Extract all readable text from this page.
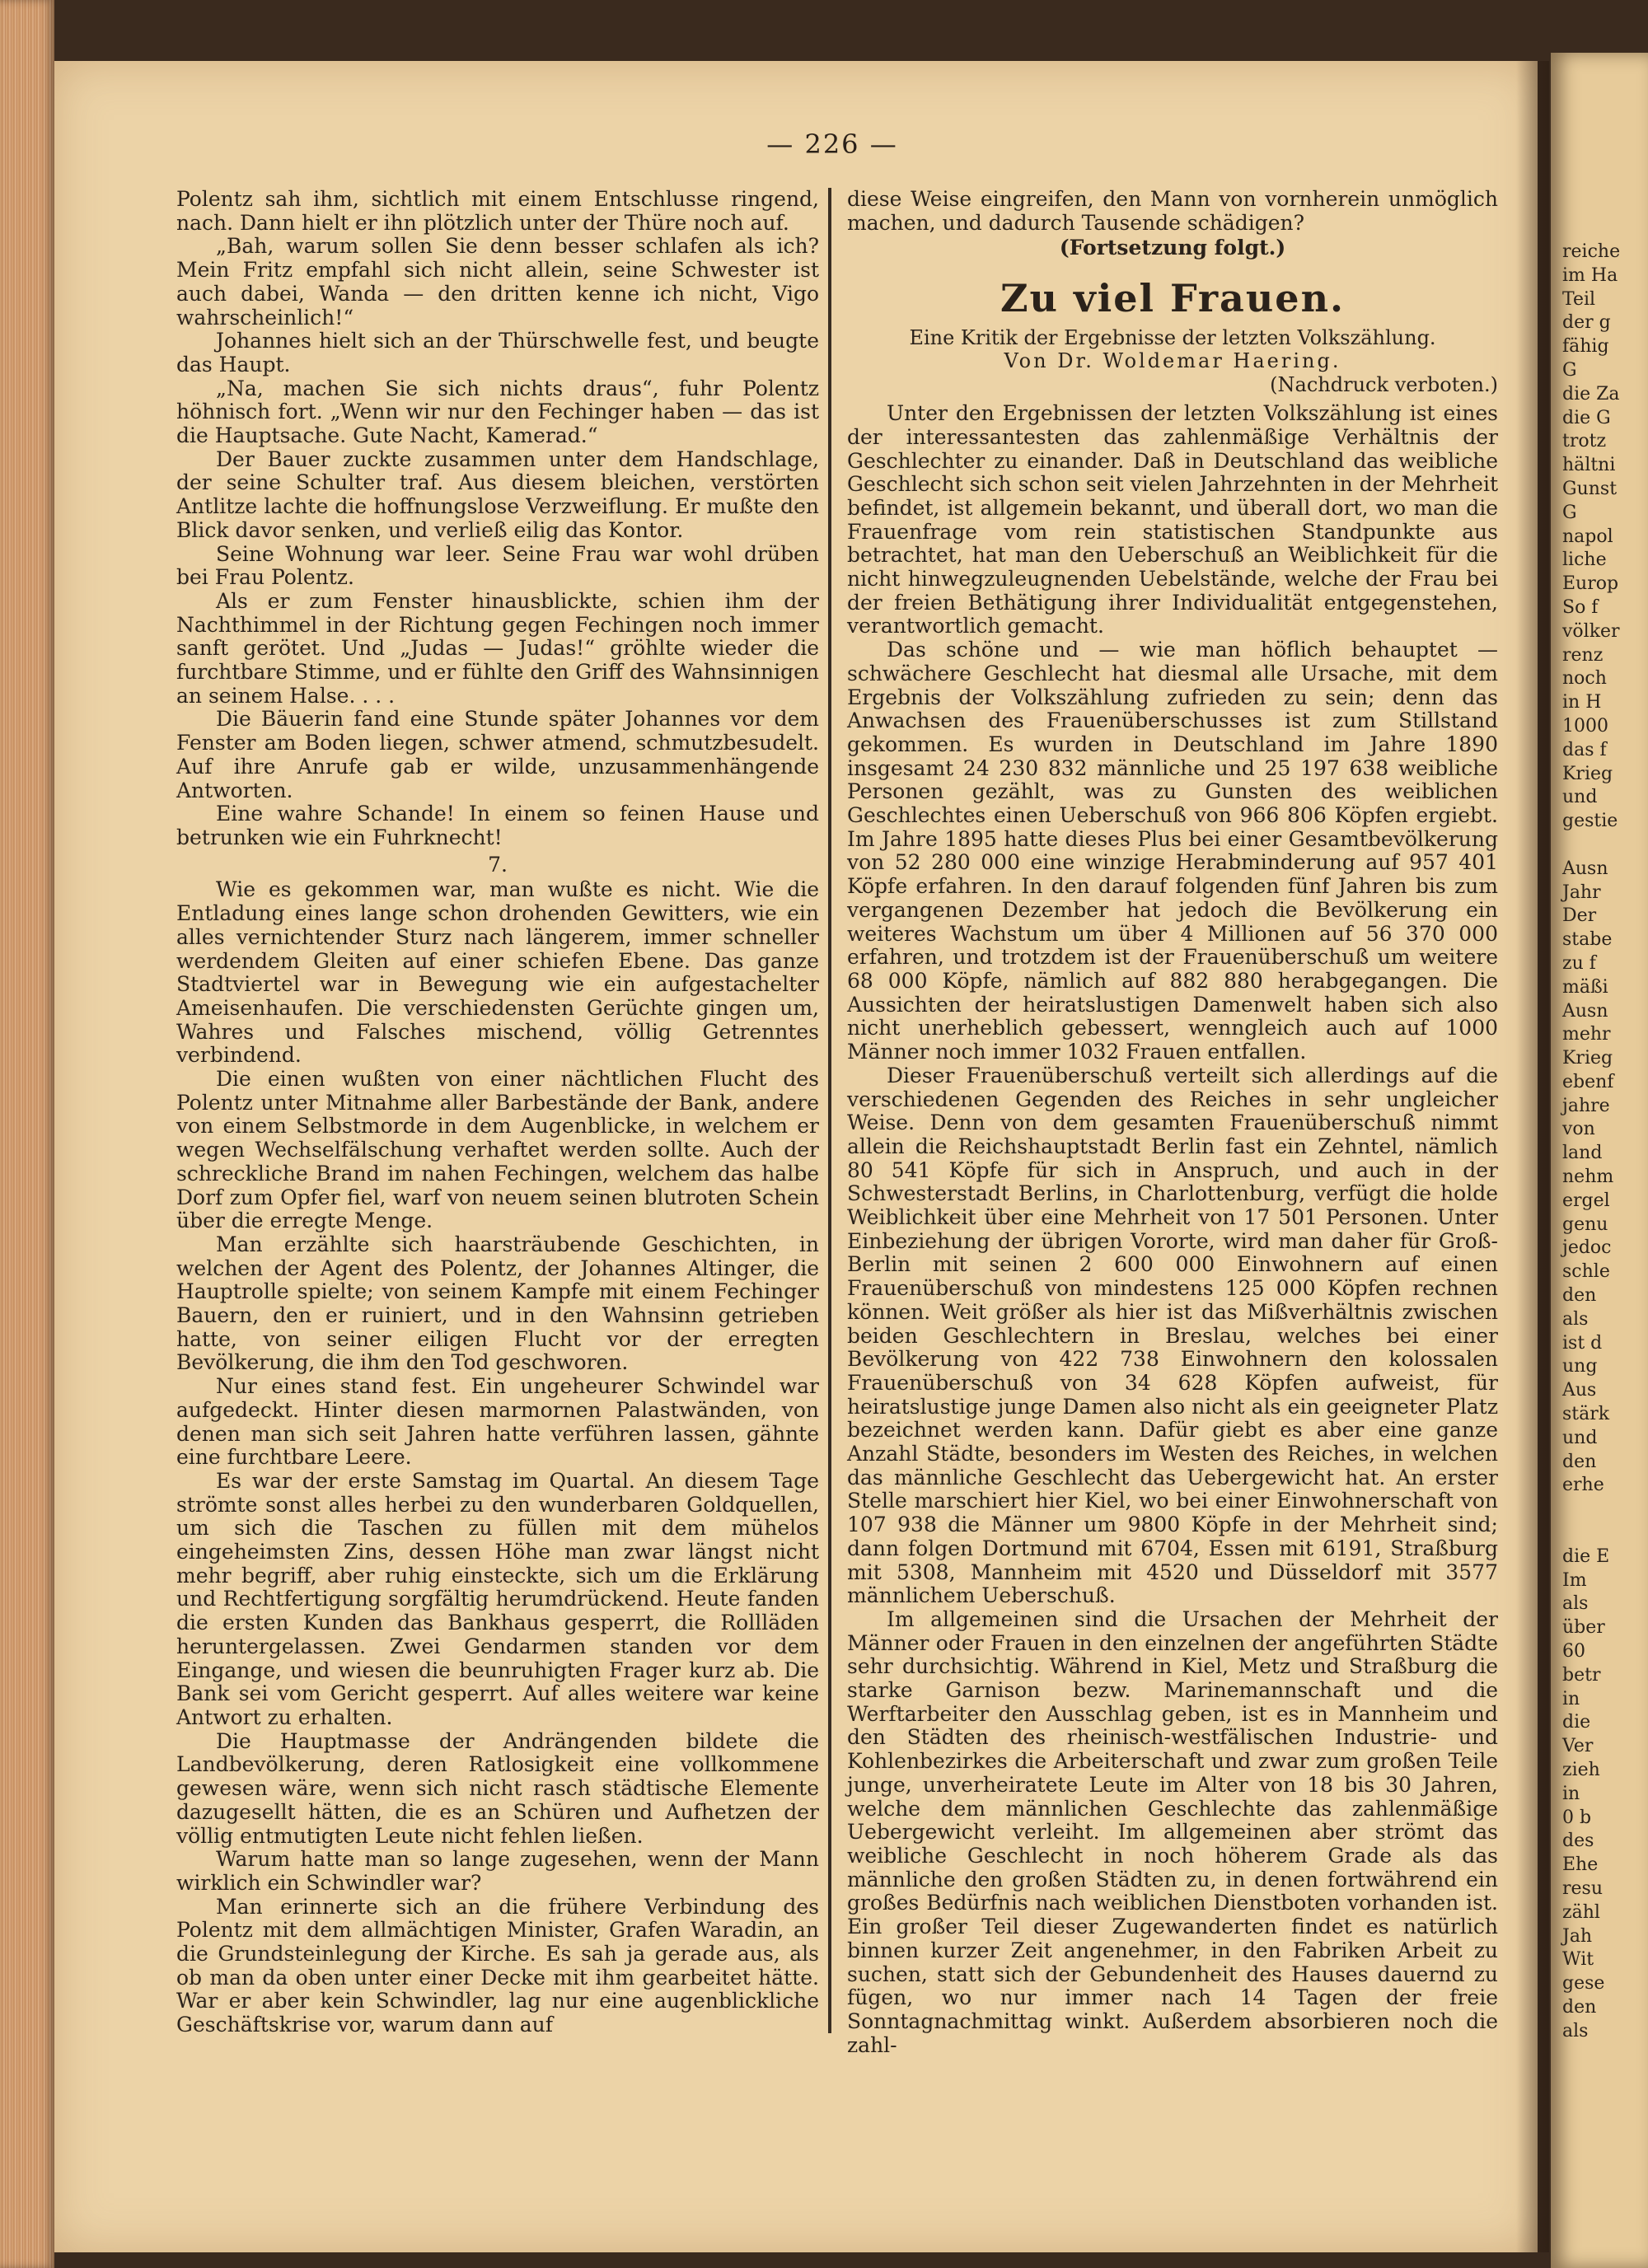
reiche
im Ha
Teil
der g
fähig
G
die Za
die G
trotz
hältni
Gunst
G
napol
liche
Europ
So f
völker
renz
noch
in H
1000
das f
Krieg
und
gestie

Ausn
Jahr
Der
stabe
zu f
mäßi
Ausn
mehr
Krieg
ebenf
jahre
von
land
nehm
ergel
genu
jedoc
schle
den
als
ist d
ung
Aus
stärk
und
den
erhe

die E
Im
als
über
60
betr
in
die
Ver
zieh
in
0 b
des
Ehe
resu
zähl
Jah
Wit
gese
den
als
— 226 —

Polentz sah ihm, sichtlich mit einem Entschlusse ringend, nach. Dann hielt er ihn plötzlich unter der Thüre noch auf.

„Bah, warum sollen Sie denn besser schlafen als ich? Mein Fritz empfahl sich nicht allein, seine Schwester ist auch dabei, Wanda — den dritten kenne ich nicht, Vigo wahrscheinlich!“

Johannes hielt sich an der Thürschwelle fest, und beugte das Haupt.

„Na, machen Sie sich nichts draus“, fuhr Polentz höhnisch fort. „Wenn wir nur den Fechinger haben — das ist die Hauptsache. Gute Nacht, Kamerad.“

Der Bauer zuckte zusammen unter dem Handschlage, der seine Schulter traf. Aus diesem bleichen, verstörten Antlitze lachte die hoffnungslose Verzweiflung. Er mußte den Blick davor senken, und verließ eilig das Kontor.

Seine Wohnung war leer. Seine Frau war wohl drüben bei Frau Polentz.

Als er zum Fenster hinausblickte, schien ihm der Nachthimmel in der Richtung gegen Fechingen noch immer sanft gerötet. Und „Judas — Judas!“ gröhlte wieder die furchtbare Stimme, und er fühlte den Griff des Wahnsinnigen an seinem Halse. . . .

Die Bäuerin fand eine Stunde später Johannes vor dem Fenster am Boden liegen, schwer atmend, schmutzbesudelt. Auf ihre Anrufe gab er wilde, unzusammenhängende Antworten.

Eine wahre Schande! In einem so feinen Hause und betrunken wie ein Fuhrknecht!

7.

Wie es gekommen war, man wußte es nicht. Wie die Entladung eines lange schon drohenden Gewitters, wie ein alles vernichtender Sturz nach längerem, immer schneller werdendem Gleiten auf einer schiefen Ebene. Das ganze Stadtviertel war in Bewegung wie ein aufgestachelter Ameisenhaufen. Die verschiedensten Gerüchte gingen um, Wahres und Falsches mischend, völlig Getrenntes verbindend.

Die einen wußten von einer nächtlichen Flucht des Polentz unter Mitnahme aller Barbestände der Bank, andere von einem Selbstmorde in dem Augenblicke, in welchem er wegen Wechselfälschung verhaftet werden sollte. Auch der schreckliche Brand im nahen Fechingen, welchem das halbe Dorf zum Opfer fiel, warf von neuem seinen blutroten Schein über die erregte Menge.

Man erzählte sich haarsträubende Geschichten, in welchen der Agent des Polentz, der Johannes Altinger, die Hauptrolle spielte; von seinem Kampfe mit einem Fechinger Bauern, den er ruiniert, und in den Wahnsinn getrieben hatte, von seiner eiligen Flucht vor der erregten Bevölkerung, die ihm den Tod geschworen.

Nur eines stand fest. Ein ungeheurer Schwindel war aufgedeckt. Hinter diesen marmornen Palastwänden, von denen man sich seit Jahren hatte verführen lassen, gähnte eine furchtbare Leere.

Es war der erste Samstag im Quartal. An diesem Tage strömte sonst alles herbei zu den wunderbaren Goldquellen, um sich die Taschen zu füllen mit dem mühelos eingeheimsten Zins, dessen Höhe man zwar längst nicht mehr begriff, aber ruhig einsteckte, sich um die Erklärung und Rechtfertigung sorgfältig herumdrückend. Heute fanden die ersten Kunden das Bankhaus gesperrt, die Rollläden heruntergelassen. Zwei Gendarmen standen vor dem Eingange, und wiesen die beunruhigten Frager kurz ab. Die Bank sei vom Gericht gesperrt. Auf alles weitere war keine Antwort zu erhalten.

Die Hauptmasse der Andrängenden bildete die Landbevölkerung, deren Ratlosigkeit eine vollkommene gewesen wäre, wenn sich nicht rasch städtische Elemente dazugesellt hätten, die es an Schüren und Aufhetzen der völlig entmutigten Leute nicht fehlen ließen.

Warum hatte man so lange zugesehen, wenn der Mann wirklich ein Schwindler war?

Man erinnerte sich an die frühere Verbindung des Polentz mit dem allmächtigen Minister, Grafen Waradin, an die Grundsteinlegung der Kirche. Es sah ja gerade aus, als ob man da oben unter einer Decke mit ihm gearbeitet hätte. War er aber kein Schwindler, lag nur eine augenblickliche Geschäftskrise vor, warum dann auf

diese Weise eingreifen, den Mann von vornherein unmöglich machen, und dadurch Tausende schädigen?

(Fortsetzung folgt.)
Zu viel Frauen.
Eine Kritik der Ergebnisse der letzten Volkszählung.
Von Dr. Woldemar Haering.
(Nachdruck verboten.)

Unter den Ergebnissen der letzten Volkszählung ist eines der interessantesten das zahlenmäßige Verhältnis der Geschlechter zu einander. Daß in Deutschland das weibliche Geschlecht sich schon seit vielen Jahrzehnten in der Mehrheit befindet, ist allgemein bekannt, und überall dort, wo man die Frauenfrage vom rein statistischen Standpunkte aus betrachtet, hat man den Ueberschuß an Weiblichkeit für die nicht hinwegzuleugnenden Uebelstände, welche der Frau bei der freien Bethätigung ihrer Individualität entgegenstehen, verantwortlich gemacht.

Das schöne und — wie man höflich behauptet — schwächere Geschlecht hat diesmal alle Ursache, mit dem Ergebnis der Volkszählung zufrieden zu sein; denn das Anwachsen des Frauenüberschusses ist zum Stillstand gekommen. Es wurden in Deutschland im Jahre 1890 insgesamt 24 230 832 männliche und 25 197 638 weibliche Personen gezählt, was zu Gunsten des weiblichen Geschlechtes einen Ueberschuß von 966 806 Köpfen ergiebt. Im Jahre 1895 hatte dieses Plus bei einer Gesamtbevölkerung von 52 280 000 eine winzige Herabminderung auf 957 401 Köpfe erfahren. In den darauf folgenden fünf Jahren bis zum vergangenen Dezember hat jedoch die Bevölkerung ein weiteres Wachstum um über 4 Millionen auf 56 370 000 erfahren, und trotzdem ist der Frauenüberschuß um weitere 68 000 Köpfe, nämlich auf 882 880 herabgegangen. Die Aussichten der heiratslustigen Damenwelt haben sich also nicht unerheblich gebessert, wenngleich auch auf 1000 Männer noch immer 1032 Frauen entfallen.

Dieser Frauenüberschuß verteilt sich allerdings auf die verschiedenen Gegenden des Reiches in sehr ungleicher Weise. Denn von dem gesamten Frauenüberschuß nimmt allein die Reichshauptstadt Berlin fast ein Zehntel, nämlich 80 541 Köpfe für sich in Anspruch, und auch in der Schwesterstadt Berlins, in Charlottenburg, verfügt die holde Weiblichkeit über eine Mehrheit von 17 501 Personen. Unter Einbeziehung der übrigen Vororte, wird man daher für Groß-Berlin mit seinen 2 600 000 Einwohnern auf einen Frauenüberschuß von mindestens 125 000 Köpfen rechnen können. Weit größer als hier ist das Mißverhältnis zwischen beiden Geschlechtern in Breslau, welches bei einer Bevölkerung von 422 738 Einwohnern den kolossalen Frauenüberschuß von 34 628 Köpfen aufweist, für heiratslustige junge Damen also nicht als ein geeigneter Platz bezeichnet werden kann. Dafür giebt es aber eine ganze Anzahl Städte, besonders im Westen des Reiches, in welchen das männliche Geschlecht das Uebergewicht hat. An erster Stelle marschiert hier Kiel, wo bei einer Einwohnerschaft von 107 938 die Männer um 9800 Köpfe in der Mehrheit sind; dann folgen Dortmund mit 6704, Essen mit 6191, Straßburg mit 5308, Mannheim mit 4520 und Düsseldorf mit 3577 männlichem Ueberschuß.

Im allgemeinen sind die Ursachen der Mehrheit der Männer oder Frauen in den einzelnen der angeführten Städte sehr durchsichtig. Während in Kiel, Metz und Straßburg die starke Garnison bezw. Marinemannschaft und die Werftarbeiter den Ausschlag geben, ist es in Mannheim und den Städten des rheinisch-westfälischen Industrie- und Kohlenbezirkes die Arbeiterschaft und zwar zum großen Teile junge, unverheiratete Leute im Alter von 18 bis 30 Jahren, welche dem männlichen Geschlechte das zahlenmäßige Uebergewicht verleiht. Im allgemeinen aber strömt das weibliche Geschlecht in noch höherem Grade als das männliche den großen Städten zu, in denen fortwährend ein großes Bedürfnis nach weiblichen Dienstboten vorhanden ist. Ein großer Teil dieser Zugewanderten findet es natürlich binnen kurzer Zeit angenehmer, in den Fabriken Arbeit zu suchen, statt sich der Gebundenheit des Hauses dauernd zu fügen, wo nur immer nach 14 Tagen der freie Sonntagnachmittag winkt. Außerdem absorbieren noch die zahl-
